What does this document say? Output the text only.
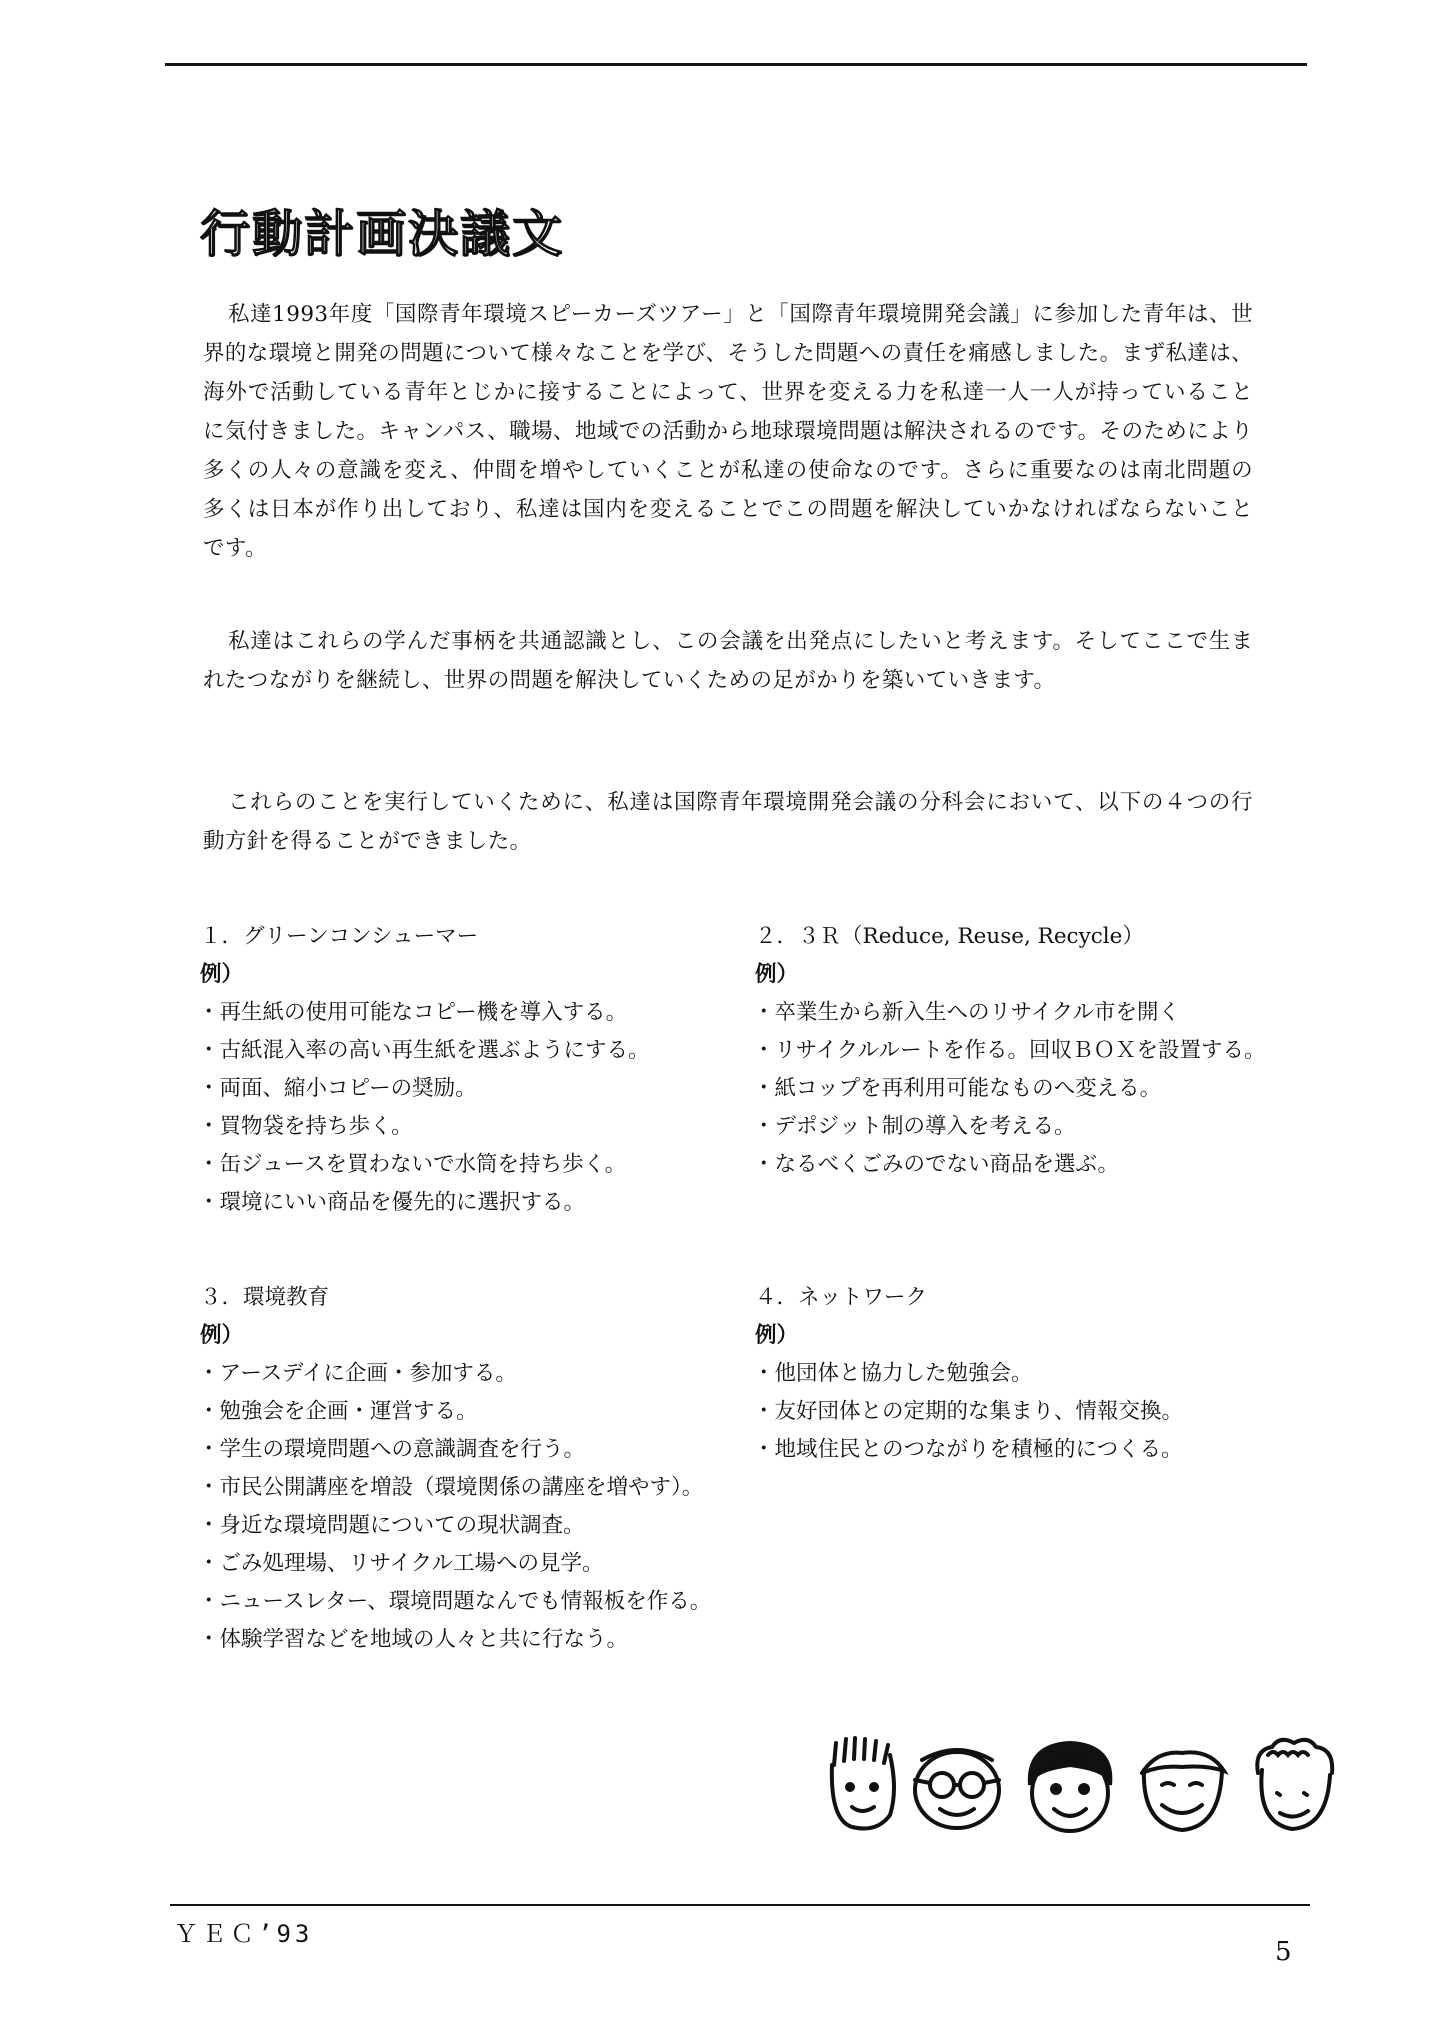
行動計画決議文

私達1993年度「国際青年環境スピーカーズツアー」と「国際青年環境開発会議」に参加した青年は、世界的な環境と開発の問題について様々なことを学び、そうした問題への責任を痛感しました。まず私達は、海外で活動している青年とじかに接することによって、世界を変える力を私達一人一人が持っていることに気付きました。キャンパス、職場、地域での活動から地球環境問題は解決されるのです。そのためにより多くの人々の意識を変え、仲間を増やしていくことが私達の使命なのです。さらに重要なのは南北問題の多くは日本が作り出しており、私達は国内を変えることでこの問題を解決していかなければならないことです。

私達はこれらの学んだ事柄を共通認識とし、この会議を出発点にしたいと考えます。そしてここで生まれたつながりを継続し、世界の問題を解決していくための足がかりを築いていきます。

これらのことを実行していくために、私達は国際青年環境開発会議の分科会において、以下の４つの行動方針を得ることができました。

１．グリーンコンシューマー

例）

・ 再生紙の使用可能なコピー機を導入する。
・ 古紙混入率の高い再生紙を選ぶようにする。
・ 両面、縮小コピーの奨励。
・ 買物袋を持ち歩く。
・ 缶ジュースを買わないで水筒を持ち歩く。
・ 環境にいい商品を優先的に選択する。

２．３Ｒ（Reduce, Reuse, Recycle）

例）

・ 卒業生から新入生へのリサイクル市を開く
・ リサイクルルートを作る。回収ＢＯＸを設置する。
・ 紙コップを再利用可能なものへ変える。
・ デポジット制の導入を考える。
・ なるべくごみのでない商品を選ぶ。

３．環境教育

例）

・ アースデイに企画・参加する。
・ 勉強会を企画・運営する。
・ 学生の環境問題への意識調査を行う。
・ 市民公開講座を増設（環境関係の講座を増やす）。
・ 身近な環境問題についての現状調査。
・ ごみ処理場、リサイクル工場への見学。
・ ニュースレター、環境問題なんでも情報板を作る。
・ 体験学習などを地域の人々と共に行なう。

４．ネットワーク

例）

・ 他団体と協力した勉強会。
・ 友好団体との定期的な集まり、情報交換。
・ 地域住民とのつながりを積極的につくる。
ＹＥＣ’93
5
